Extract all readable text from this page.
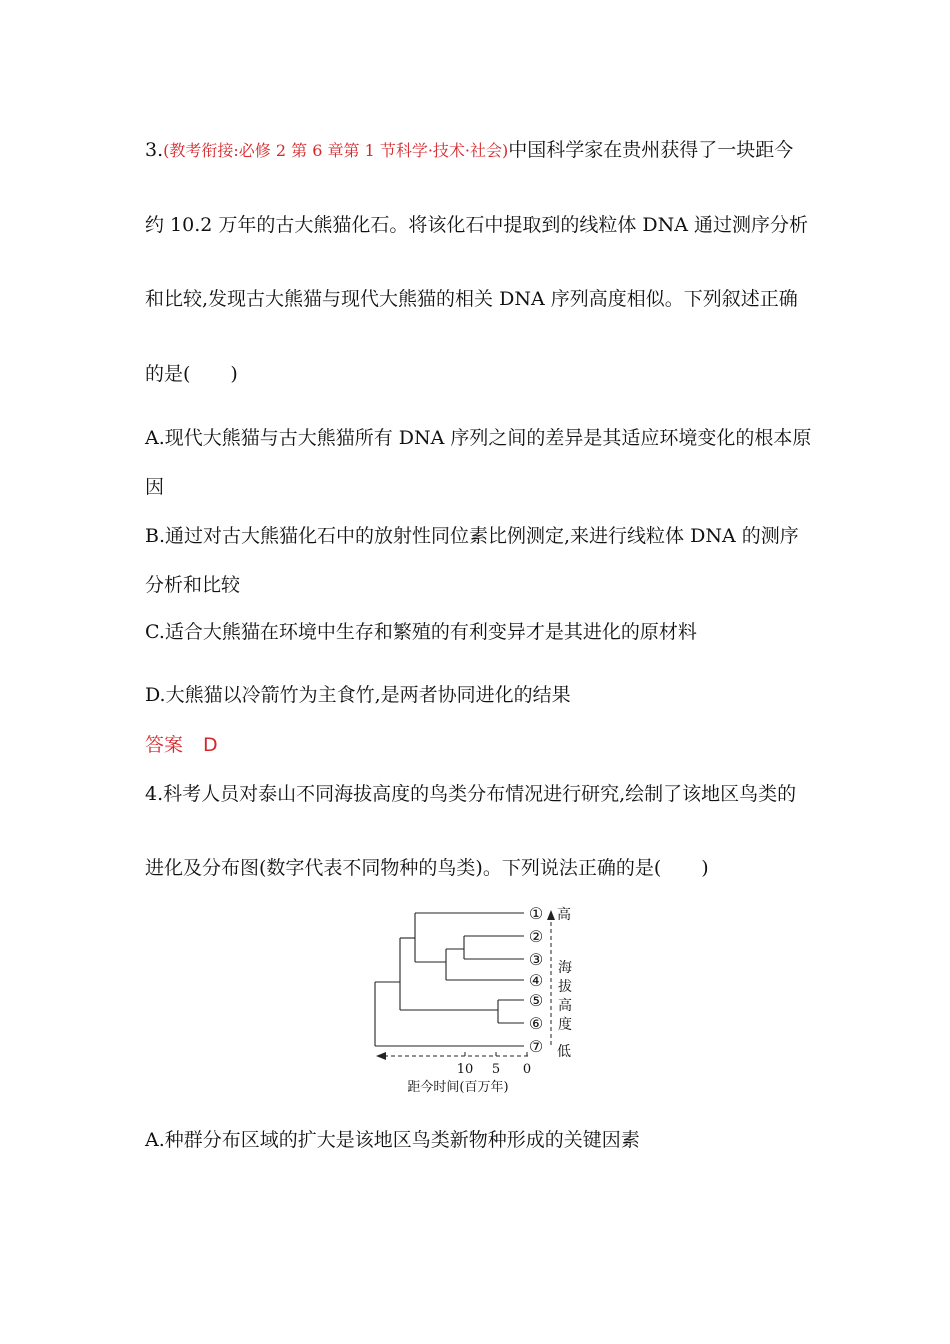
3.(教考衔接:必修 2 第 6 章第 1 节科学·技术·社会)中国科学家在贵州获得了一块距今
约 10.2 万年的古大熊猫化石。将该化石中提取到的线粒体 DNA 通过测序分析
和比较,发现古大熊猫与现代大熊猫的相关 DNA 序列高度相似。下列叙述正确
的是( )
A.现代大熊猫与古大熊猫所有 DNA 序列之间的差异是其适应环境变化的根本原
因
B.通过对古大熊猫化石中的放射性同位素比例测定,来进行线粒体 DNA 的测序
分析和比较
C.适合大熊猫在环境中生存和繁殖的有利变异才是其进化的原材料
D.大熊猫以冷箭竹为主食竹,是两者协同进化的结果
答案 D
4.科考人员对泰山不同海拔高度的鸟类分布情况进行研究,绘制了该地区鸟类的
进化及分布图(数字代表不同物种的鸟类)。下列说法正确的是( )
10 5 0
距今时间(百万年)
①
②
③
④
⑤
⑥
⑦
高
低
海
拔
高
度
A.种群分布区域的扩大是该地区鸟类新物种形成的关键因素
